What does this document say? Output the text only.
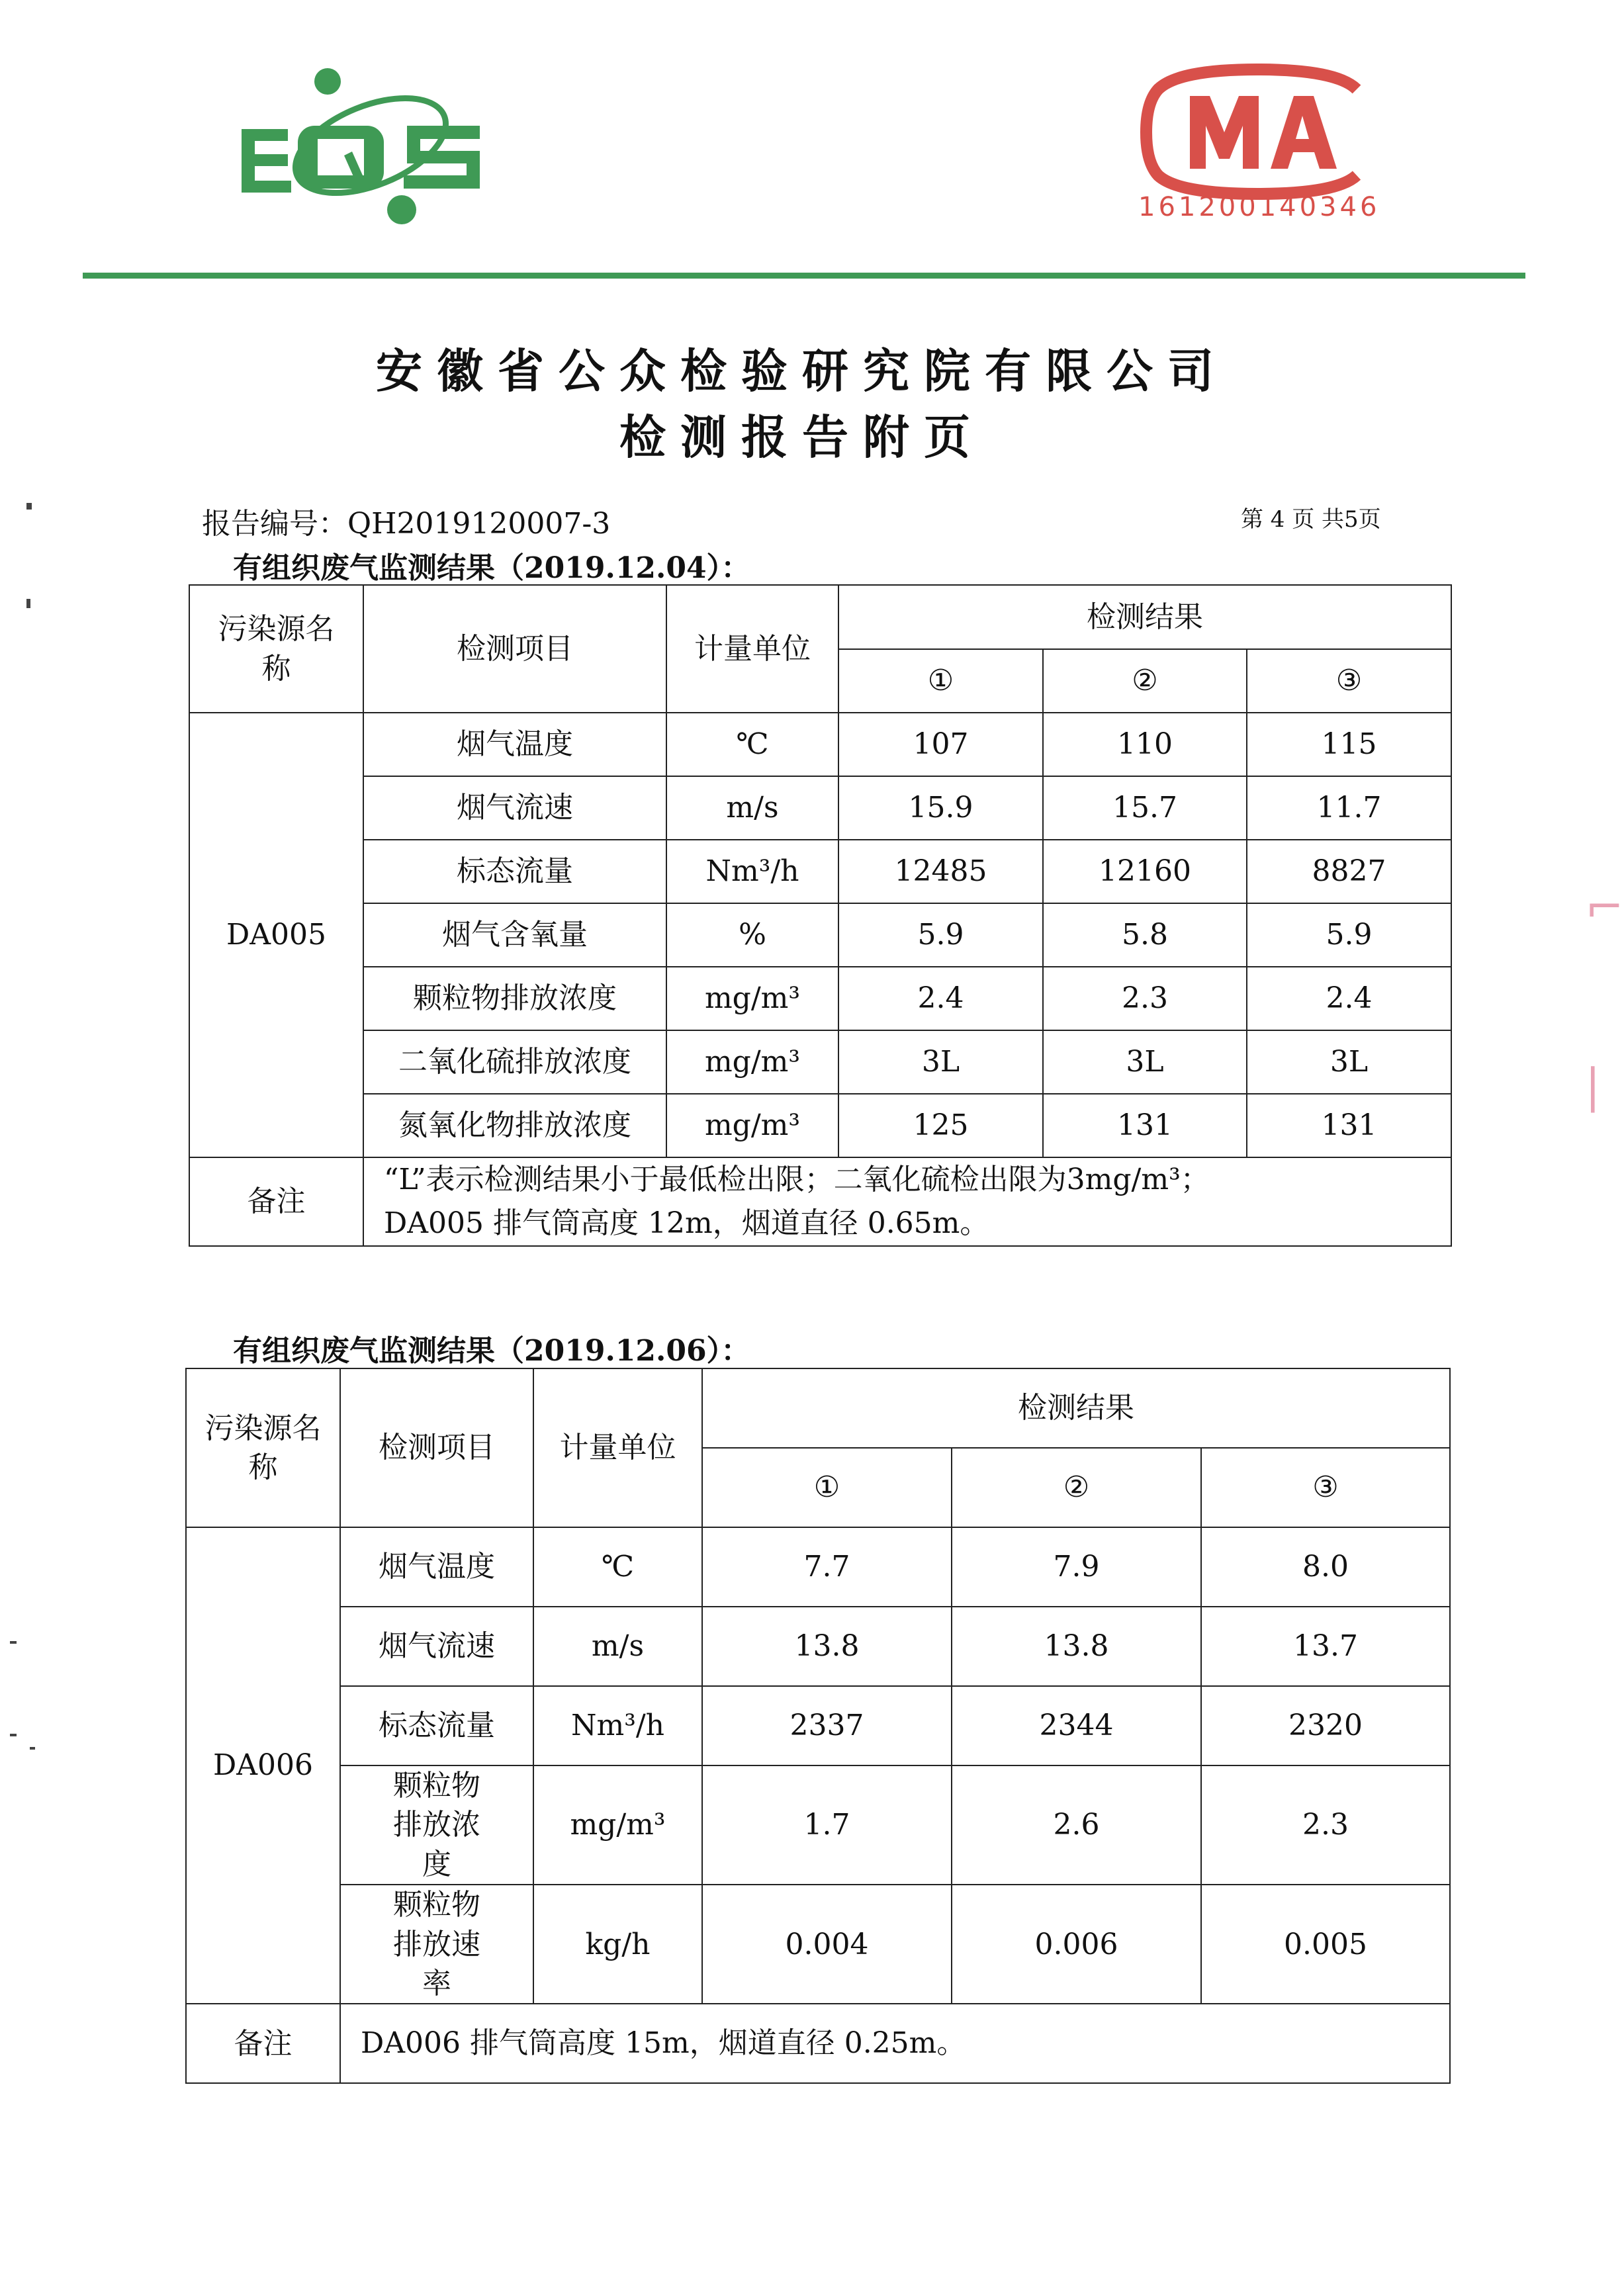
161200140346
安徽省公众检验研究院有限公司
检测报告附页
报告编号：QH2019120007-3	第 4 页 共5页
有组织废气监测结果（2019.12.04）：
污染源名称	检测项目	计量单位	检测结果		
			①	②	③
DA005	烟气温度	℃	107	110	115
	烟气流速	m/s	15.9	15.7	11.7
	标态流量	Nm³/h	12485	12160	8827
	烟气含氧量	%	5.9	5.8	5.9
	颗粒物排放浓度	mg/m³	2.4	2.3	2.4
	二氧化硫排放浓度	mg/m³	3L	3L	3L
	氮氧化物排放浓度	mg/m³	125	131	131
备注	“L”表示检测结果小于最低检出限；二氧化硫检出限为3mg/m³；
DA005 排气筒高度 12m，烟道直径 0.65m。				
有组织废气监测结果（2019.12.06）：
污染源名称	检测项目	计量单位	检测结果		
			①	②	③
DA006	烟气温度	℃	7.7	7.9	8.0
	烟气流速	m/s	13.8	13.8	13.7
	标态流量	Nm³/h	2337	2344	2320
	颗粒物排放浓度	mg/m³	1.7	2.6	2.3
	颗粒物排放速率	kg/h	0.004	0.006	0.005
备注	DA006 排气筒高度 15m，烟道直径 0.25m。				
⌐
|
